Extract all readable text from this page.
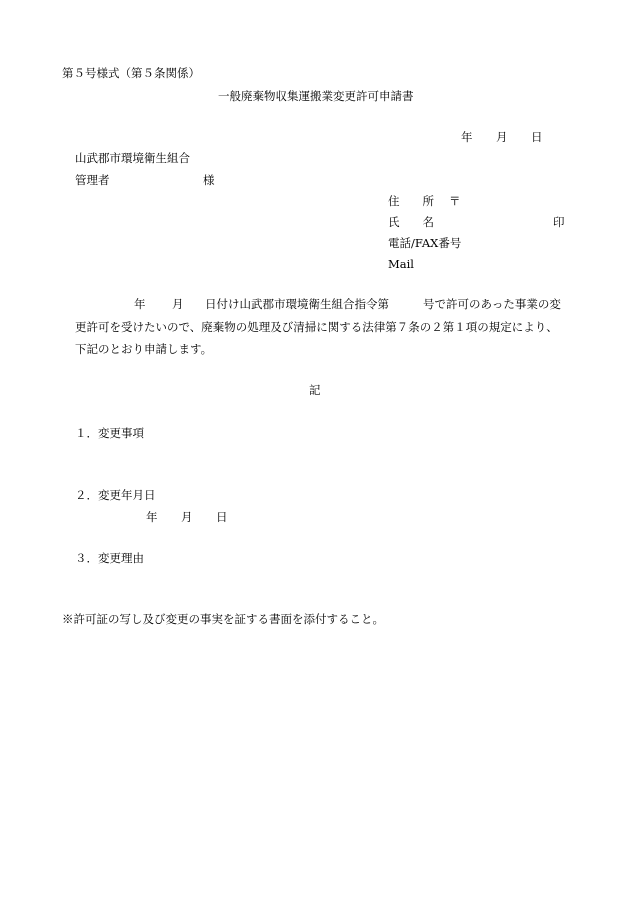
第５号様式（第５条関係）
一般廃棄物収集運搬業変更許可申請書
年 月 日
山武郡市環境衛生組合
管理者	様
住　　所 〒
氏　　名	印
電話/FAX番号
Mail
年 月 日付け山武郡市環境衛生組合指令第	号で許可のあった事業の変
更許可を受けたいので、廃棄物の処理及び清掃に関する法律第７条の２第１項の規定により、
下記のとおり申請します。
記
１．変更事項
２．変更年月日
年 月 日
３．変更理由
※許可証の写し及び変更の事実を証する書面を添付すること。
